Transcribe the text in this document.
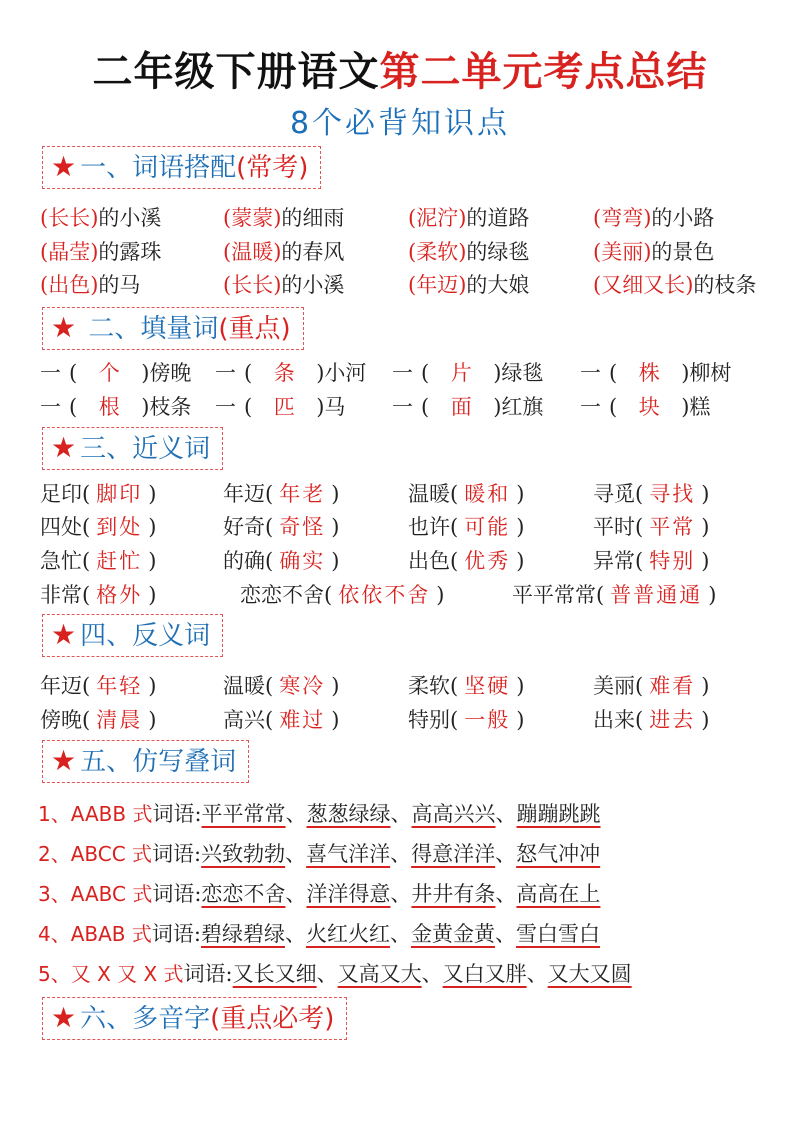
二年级下册语文第二单元考点总结
8个必背知识点
★ 一、词语搭配(常考)
★ 二、填量词(重点)
★ 三、近义词
★ 四、反义词
★ 五、仿写叠词
★ 六、多音字(重点必考)
(长长)的小溪	(蒙蒙)的细雨	(泥泞)的道路	(弯弯)的小路
(晶莹)的露珠	(温暖)的春风	(柔软)的绿毯	(美丽)的景色
(出色)的马	(长长)的小溪	(年迈)的大娘	(又细又长)的枝条
一 ( 个 )傍晚 一 ( 条 )小河 一 ( 片 )绿毯 一 ( 株 )柳树
一 ( 根 )枝条 一 ( 匹 )马 一 ( 面 )红旗 一 ( 块 )糕
足印( 脚印 )	年迈( 年老 )	温暖( 暖和 )	寻觅( 寻找 )
四处( 到处 )	好奇( 奇怪 )	也许( 可能 )	平时( 平常 )
急忙( 赶忙 )	的确( 确实 )	出色( 优秀 )	异常( 特别 )
非常( 格外 )	恋恋不舍( 依依不舍 )	平平常常( 普普通通 )
年迈( 年轻 )	温暖( 寒冷 )	柔软( 坚硬 )	美丽( 难看 )
傍晚( 清晨 )	高兴( 难过 )	特别( 一般 )	出来( 进去 )
1、AABB 式词语:平平常常、葱葱绿绿、高高兴兴、蹦蹦跳跳
2、ABCC 式词语:兴致勃勃、喜气洋洋、得意洋洋、怒气冲冲
3、AABC 式词语:恋恋不舍、洋洋得意、井井有条、高高在上
4、ABAB 式词语:碧绿碧绿、火红火红、金黄金黄、雪白雪白
5、又 X 又 X 式词语:又长又细、又高又大、又白又胖、又大又圆
